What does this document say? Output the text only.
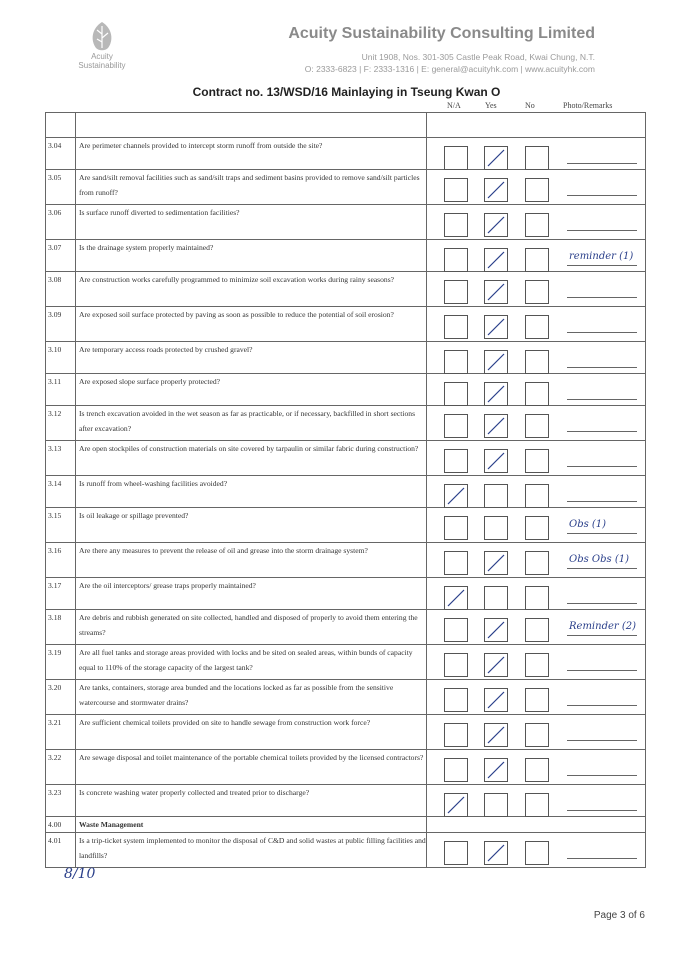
Acuity
Sustainability
Acuity Sustainability Consulting Limited
Unit 1908, Nos. 301-305 Castle Peak Road, Kwai Chung, N.T.
O: 2333-6823 | F: 2333-1316 | E: general@acuityhk.com | www.acuityhk.com
Contract no. 13/WSD/16 Mainlaying in Tseung Kwan O
N/A	Yes	No	Photo/Remarks

3.04	Are perimeter channels provided to intercept storm runoff from outside the site?	

3.05	Are sand/silt removal facilities such as sand/silt traps and sediment basins provided to remove sand/silt particles from runoff?	

3.06	Is surface runoff diverted to sedimentation facilities?	

3.07	Is the drainage system properly maintained?	reminder (1)

3.08	Are construction works carefully programmed to minimize soil excavation works during rainy seasons?	

3.09	Are exposed soil surface protected by paving as soon as possible to reduce the potential of soil erosion?	

3.10	Are temporary access roads protected by crushed gravel?	

3.11	Are exposed slope surface properly protected?	

3.12	Is trench excavation avoided in the wet season as far as practicable, or if necessary, backfilled in short sections after excavation?	

3.13	Are open stockpiles of construction materials on site covered by tarpaulin or similar fabric during construction?	

3.14	Is runoff from wheel-washing facilities avoided?	

3.15	Is oil leakage or spillage prevented?	Obs (1)

3.16	Are there any measures to prevent the release of oil and grease into the storm drainage system?	Obs Obs (1)

3.17	Are the oil interceptors/ grease traps properly maintained?	

3.18	Are debris and rubbish generated on site collected, handled and disposed of properly to avoid them entering the streams?	Reminder (2)

3.19	Are all fuel tanks and storage areas provided with locks and be sited on sealed areas, within bunds of capacity equal to 110% of the storage capacity of the largest tank?	

3.20	Are tanks, containers, storage area bunded and the locations locked as far as possible from the sensitive watercourse and stormwater drains?	

3.21	Are sufficient chemical toilets provided on site to handle sewage from construction work force?	

3.22	Are sewage disposal and toilet maintenance of the portable chemical toilets provided by the licensed contractors?	

3.23	Is concrete washing water properly collected and treated prior to discharge?	

4.00	Waste Management	
4.01	Is a trip-ticket system implemented to monitor the disposal of C&D and solid wastes at public filling facilities and landfills?	
8/10
Page 3 of 6
